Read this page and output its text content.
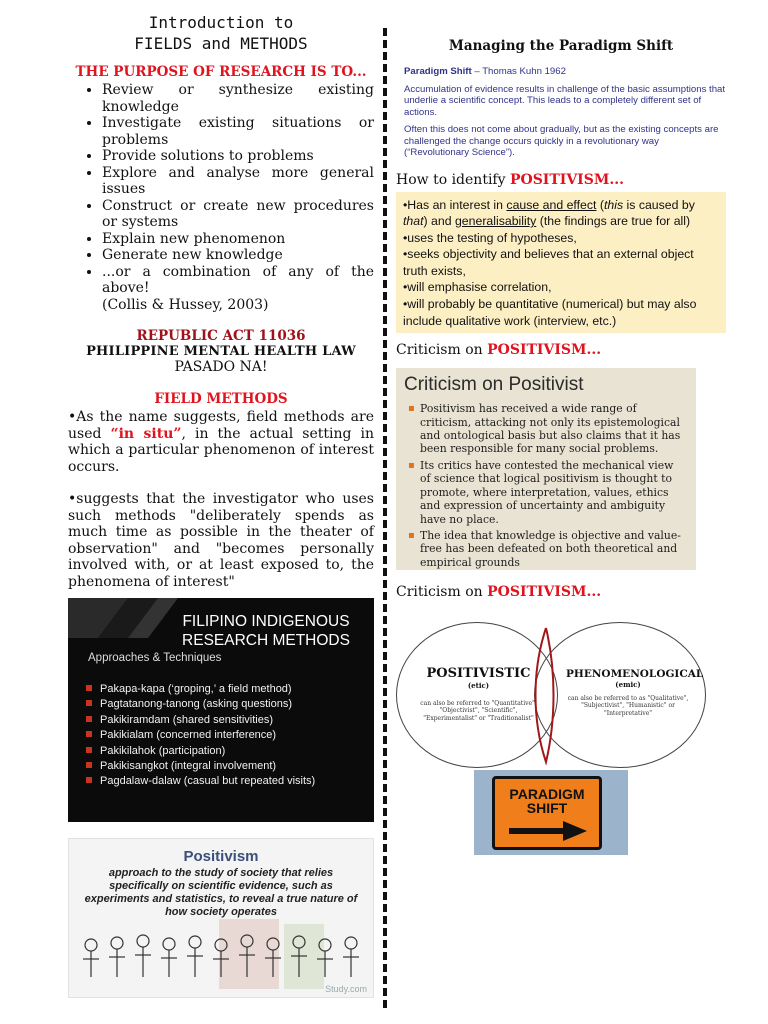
Introduction to
FIELDS and METHODS
THE PURPOSE OF RESEARCH IS TO...
• Review or synthesize existing knowledge
• Investigate existing situations or problems
• Provide solutions to problems
• Explore and analyse more general issues
• Construct or create new procedures or systems
• Explain new phenomenon
• Generate new knowledge
• ...or a combination of any of the above!
(Collis & Hussey, 2003)
REPUBLIC ACT 11036
PHILIPPINE MENTAL HEALTH LAW
PASADO NA!
FIELD METHODS
•As the name suggests, field methods are used “in situ”, in the actual setting in which a particular phenomenon of interest occurs.
•suggests that the investigator who uses such methods "deliberately spends as much time as possible in the theater of observation" and "becomes personally involved with, or at least exposed to, the phenomena of interest"
FILIPINO INDIGENOUS RESEARCH METHODS
Approaches & Techniques
Pakapa-kapa (‘groping,’ a field method)
Pagtatanong-tanong (asking questions)
Pakikiramdam (shared sensitivities)
Pakikialam (concerned interference)
Pakikilahok (participation)
Pakikisangkot (integral involvement)
Pagdalaw-dalaw (casual but repeated visits)
Positivism
approach to the study of society that relies specifically on scientific evidence, such as experiments and statistics, to reveal a true nature of how society operates
Study.com
Managing the Paradigm Shift

Paradigm Shift – Thomas Kuhn 1962

Accumulation of evidence results in challenge of the basic assumptions that underlie a scientific concept. This leads to a completely different set of actions.

Often this does not come about gradually, but as the existing concepts are challenged the change occurs quickly in a revolutionary way (“Revolutionary Science”).

How to identify POSITIVISM...
•Has an interest in cause and effect (this is caused by that) and generalisability (the findings are true for all)
•uses the testing of hypotheses,
•seeks objectivity and believes that an external object truth exists,
•will emphasise correlation,
•will probably be quantitative (numerical) but may also include qualitative work (interview, etc.)
Criticism on POSITIVISM...
Criticism on Positivist
▪ Positivism has received a wide range of criticism, attacking not only its epistemological and ontological basis but also claims that it has been responsible for many social problems.
▪ Its critics have contested the mechanical view of science that logical positivism is thought to promote, where interpretation, values, ethics and expression of uncertainty and ambiguity have no place.
▪ The idea that knowledge is objective and value-free has been defeated on both theoretical and empirical grounds
Criticism on POSITIVISM...
POSITIVISTIC
(etic)
can also be referred to "Quantitative", "Objectivist", "Scientific", "Experimentalist" or "Traditionalist"
PHENOMENOLOGICAL
(emic)
can also be referred to as "Qualitative", "Subjectivist", "Humanistic" or "Interpretative"
PARADIGM
SHIFT
